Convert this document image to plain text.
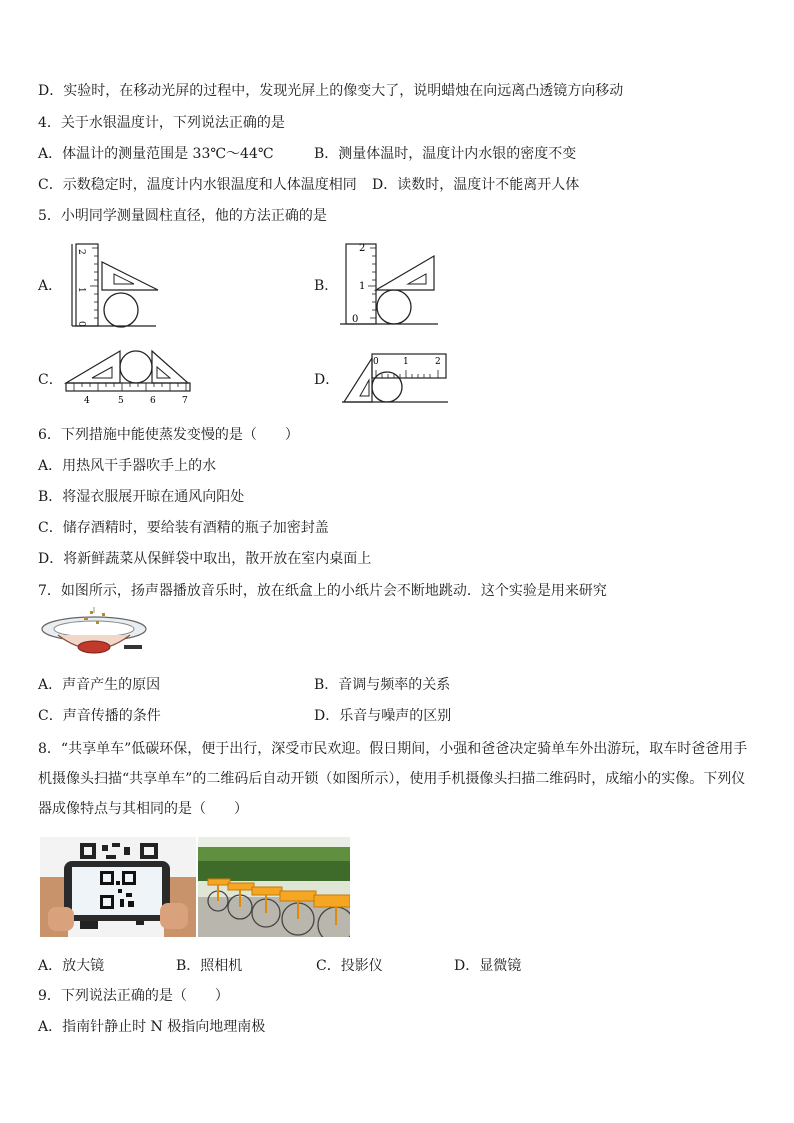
D．实验时，在移动光屏的过程中，发现光屏上的像变大了，说明蜡烛在向远离凸透镜方向移动
4．关于水银温度计，下列说法正确的是
A．体温计的测量范围是 33℃～44℃	B．测量体温时，温度计内水银的密度不变
C．示数稳定时，温度计内水银温度和人体温度相同 D．读数时，温度计不能离开人体
5．小明同学测量圆柱直径，他的方法正确的是
A．
2
1
0
B．
2
1
0
C．
4	5	6	7
D．
0	1	2
6．下列措施中能使蒸发变慢的是（　　）
A．用热风干手器吹手上的水
B．将湿衣服展开晾在通风向阳处
C．储存酒精时，要给装有酒精的瓶子加密封盖
D．将新鲜蔬菜从保鲜袋中取出，散开放在室内桌面上
7．如图所示，扬声器播放音乐时，放在纸盒上的小纸片会不断地跳动．这个实验是用来研究
A．声音产生的原因	B．音调与频率的关系
C．声音传播的条件	D．乐音与噪声的区别
8．“共享单车”低碳环保，便于出行，深受市民欢迎。假日期间，小强和爸爸决定骑单车外出游玩，取车时爸爸用手
机摄像头扫描“共享单车”的二维码后自动开锁（如图所示），使用手机摄像头扫描二维码时，成缩小的实像。下列仪
器成像特点与其相同的是（　　）
A．放大镜	B．照相机	C．投影仪	D．显微镜
9．下列说法正确的是（　　）
A．指南针静止时 N 极指向地理南极
